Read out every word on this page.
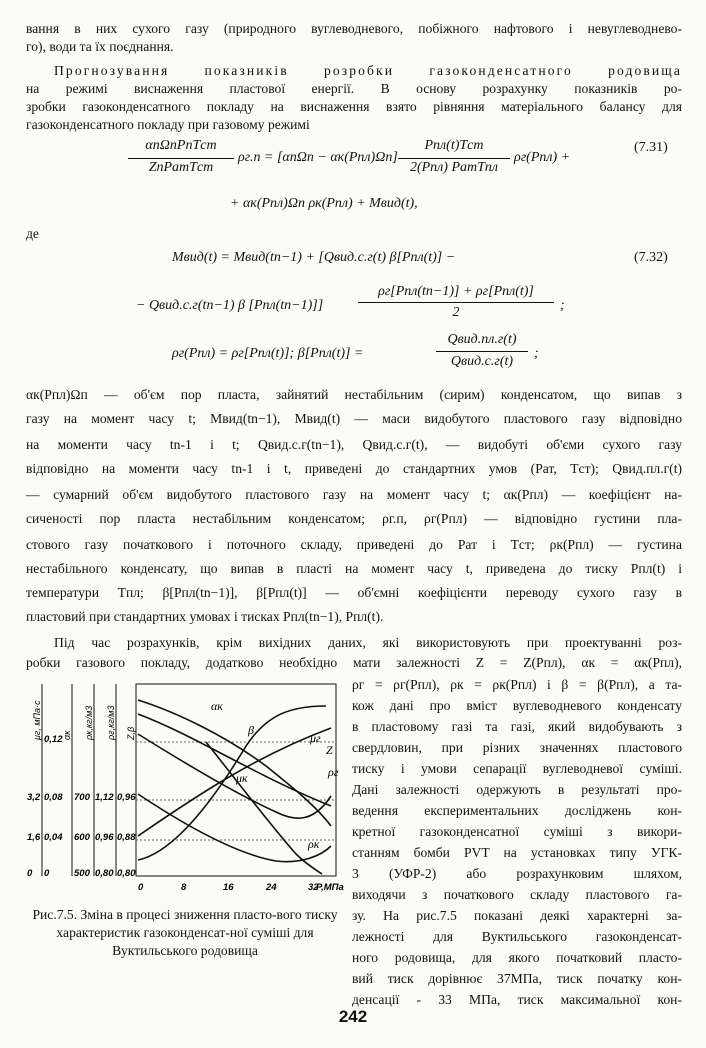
вання в них сухого газу (природного вуглеводневого, побіжного нафтового і невуглеводнево-
го), води та їх поєднання.
Прогнозування показників розробки газоконденсатного родовища
на режимі виснаження пластової енергії. В основу розрахунку показників ро-
зробки газоконденсатного покладу на виснаження взято рівняння матеріального балансу для
газоконденсатного покладу при газовому режимі
αпΩпPпTст
ZпPатTст
ρг.п = [αпΩп − αк(Pпл)Ωп]
Pпл(t)Tст
2(Pпл) PатTпл
ρг(Pпл) +
(7.31)
+ αк(Pпл)Ωп ρк(Pпл) + Mвид(t),
де
Mвид(t) = Mвид(tn−1) + [Qвид.с.г(t) β[Pпл(t)] −	(7.32)
− Qвид.с.г(tn−1) β [Pпл(tn−1)]]
ρг[Pпл(tn−1)] + ρг[Pпл(t)]
2	;
ρг(Pпл) = ρг[Pпл(t)]; β[Pпл(t)] =
Qвид.пл.г(t)
Qвид.с.г(t)
;
αк(Pпл)Ωп — об'єм пор пласта, зайнятий нестабільним (сирим) конденсатом, що випав з
газу на момент часу t; Mвид(tn−1), Mвид(t) — маси видобутого пластового газу відповідно
на моменти часу tn-1 і t; Qвид.с.г(tn−1), Qвид.с.г(t), — видобуті об'єми сухого газу
відповідно на моменти часу tn-1 і t, приведені до стандартних умов (Pат, Tст); Qвид.пл.г(t)
— сумарний об'єм видобутого пластового газу на момент часу t; αк(Pпл) — коефіцієнт на-
сиченості пор пласта нестабільним конденсатом; ρг.п, ρг(Pпл) — відповідно густини пла-
стового газу початкового і поточного складу, приведені до Pат і Tст; ρк(Pпл) — густина
нестабільного конденсату, що випав в пласті на момент часу t, приведена до тиску Pпл(t) і
температури Tпл; β[Pпл(tn−1)], β[Pпл(t)] — об'ємні коефіцієнти переводу сухого газу в
пластовий при стандартних умовах і тисках Pпл(tn−1), Pпл(t).
Під час розрахунків, крім вихідних даних, які використовують при проектуванні роз-
робки газового покладу, додатково необхідно мати залежності Z = Z(Pпл), αк = αк(Pпл),
ρг = ρг(Pпл), ρк = ρк(Pпл) і β = β(Pпл), а та-
кож дані про вміст вуглеводневого конденсату
в пластовому газі та газі, який видобувають з
свердловин, при різних значеннях пластового
тиску і умови сепарації вуглеводневої суміші.
Дані залежності одержують в результаті про-
ведення експериментальних досліджень кон-
кретної газоконденсатної суміші з викори-
станням бомби PVT на установках типу УГК-
3 (УФР-2) або розрахунковим шляхом,
виходячи з початкового складу пластового га-
зу. На рис.7.5 показані деякі характерні за-
лежності для Вуктильського газоконденсат-
ного родовища, для якого початковий пласто-
вий тиск дорівнює 37МПа, тиск початку кон-
денсації - 33 МПа, тиск максимальної кон-
μг, мПа·с αк ρк,кг/м3 ρг,кг/м3 Z,β
0
1,6
3,2
0
0,04
0,08
0,12
500
600
700
0,80
0,96
1,12
0,80
0,88
0,96
0	8	16	24	32
P,МПа
αк
β
μг
Z
ρг
μк
ρк
Рис.7.5. Зміна в процесі зниження пласто-вого тиску характеристик газоконденсат-ної суміші для Вуктильського родовища
242
